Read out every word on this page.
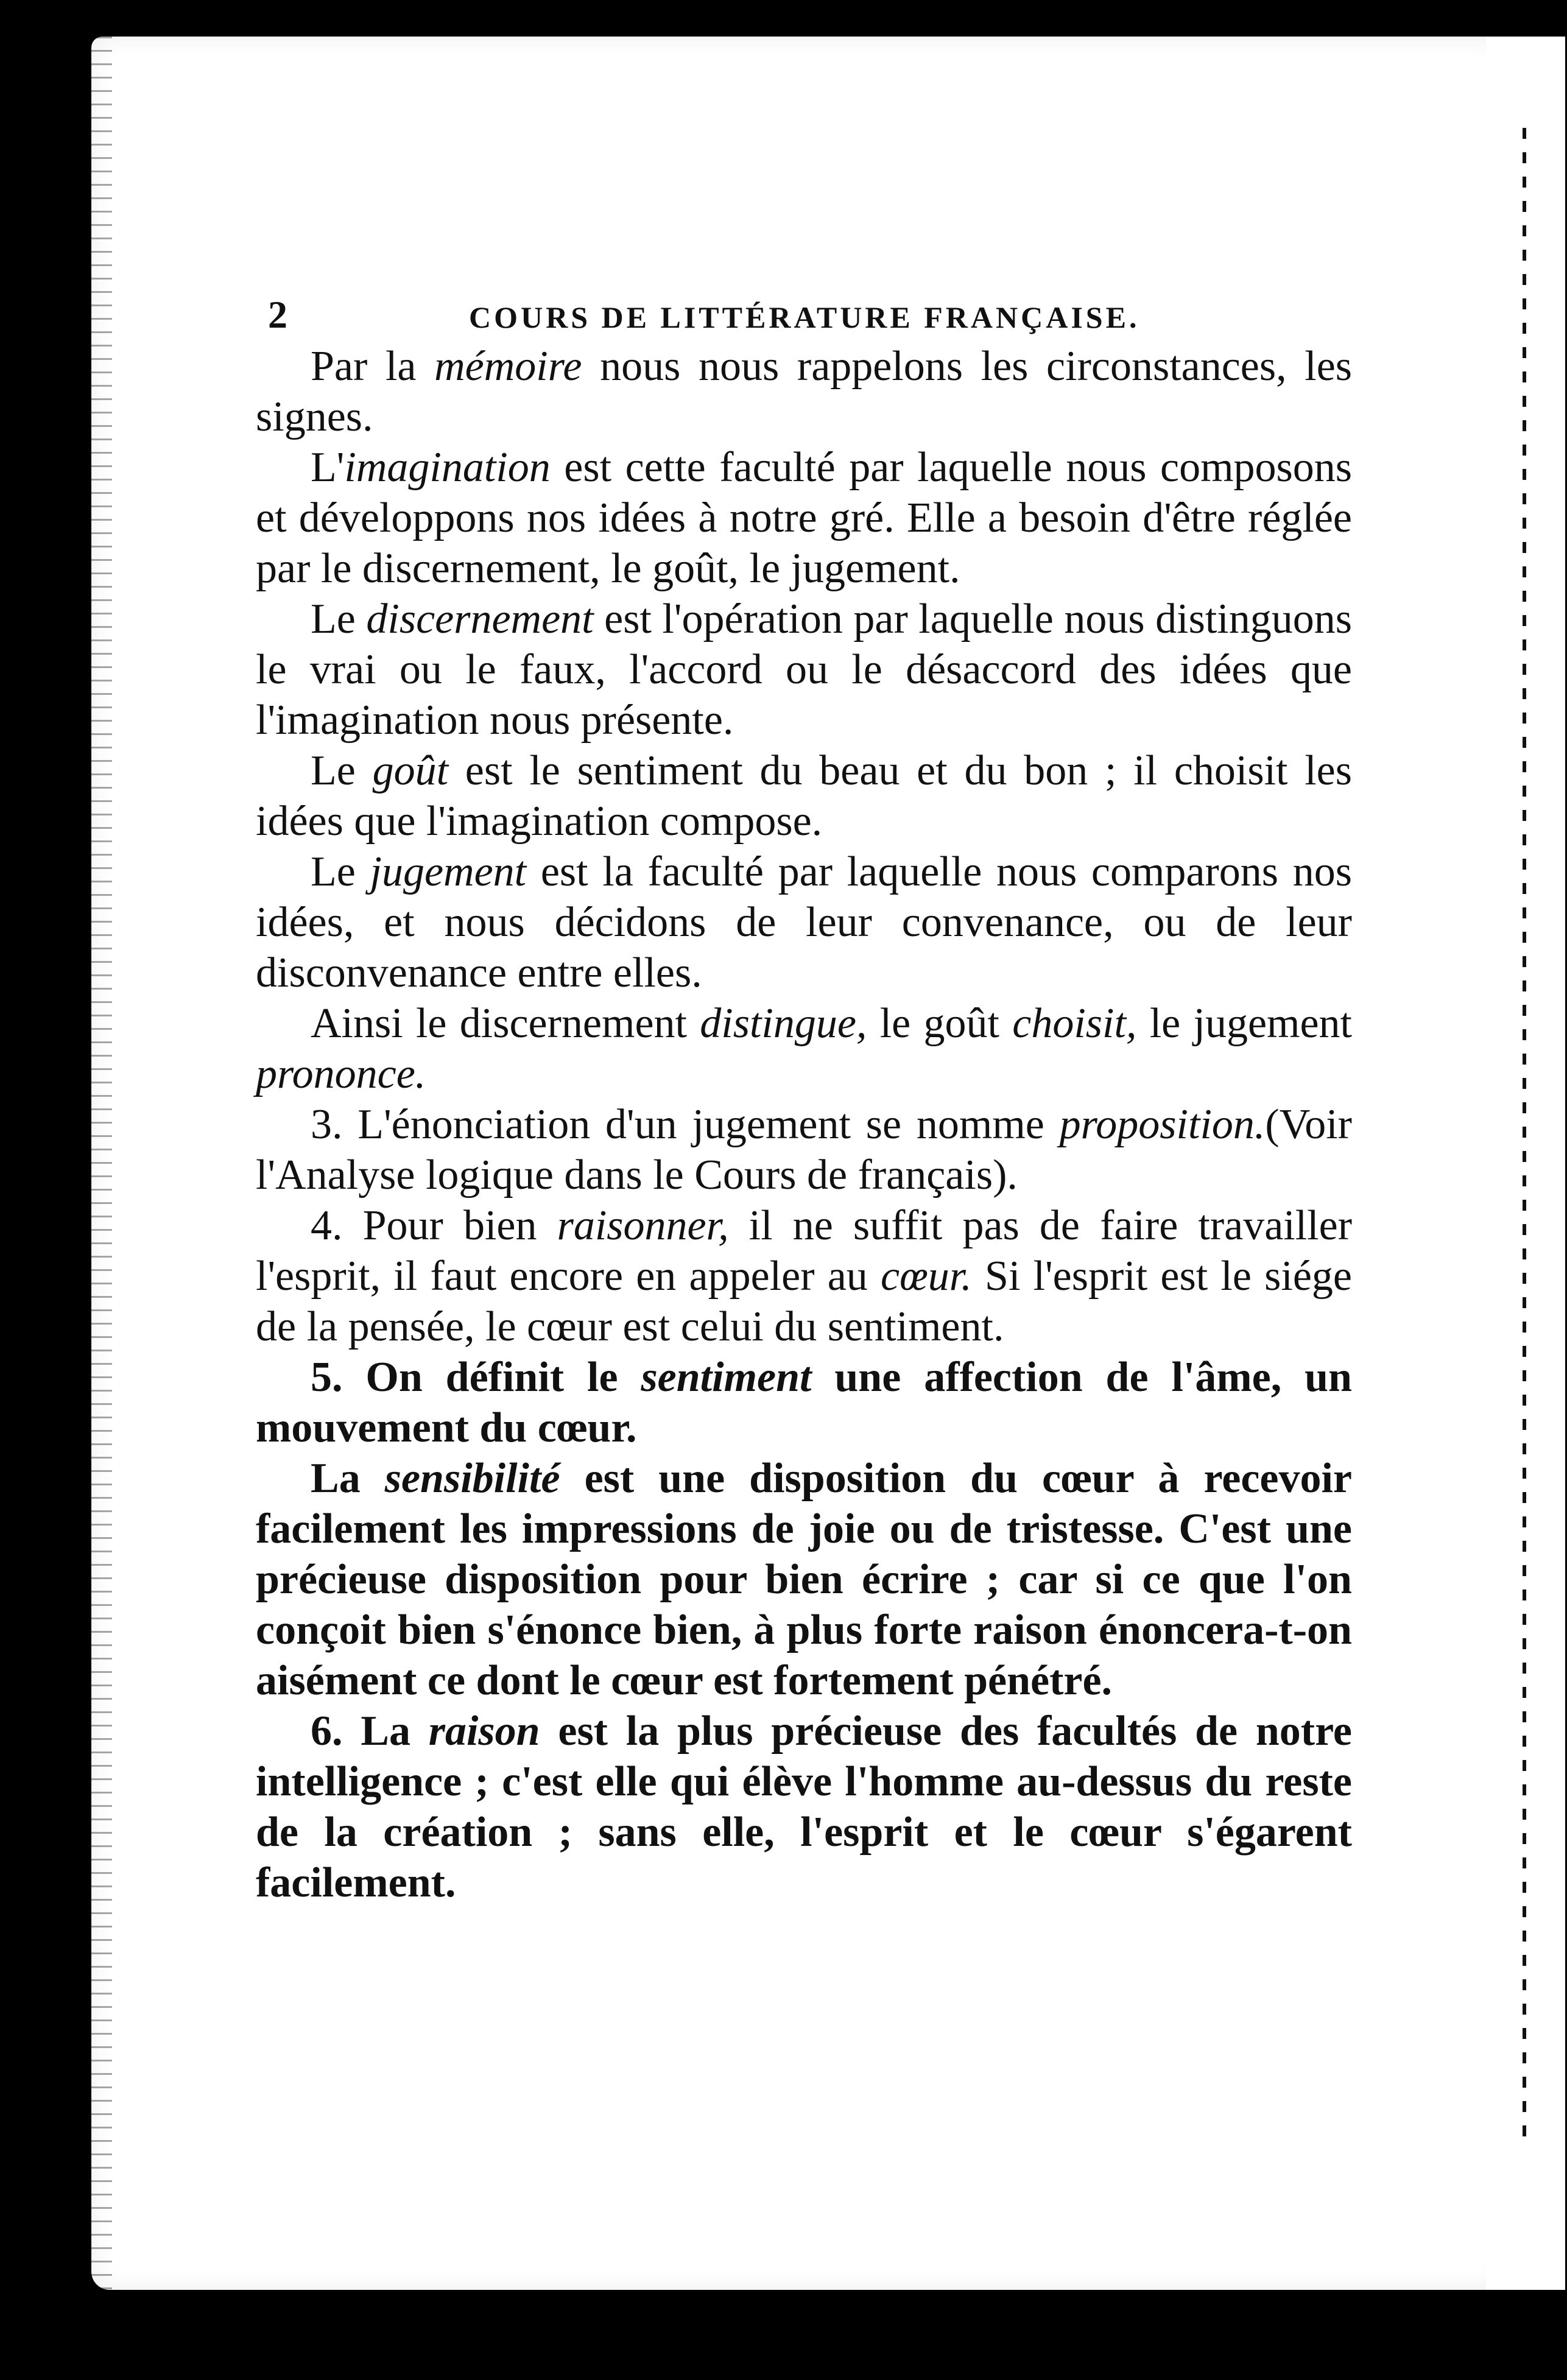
2	COURS DE LITTÉRATURE FRANÇAISE.

Par la mémoire nous nous rappelons les circonstances, les signes.

L'imagination est cette faculté par laquelle nous composons et développons nos idées à notre gré. Elle a besoin d'être réglée par le discernement, le goût, le jugement.

Le discernement est l'opération par laquelle nous distinguons le vrai ou le faux, l'accord ou le désaccord des idées que l'imagination nous présente.

Le goût est le sentiment du beau et du bon ; il choisit les idées que l'imagination compose.

Le jugement est la faculté par laquelle nous comparons nos idées, et nous décidons de leur convenance, ou de leur disconvenance entre elles.

Ainsi le discernement distingue, le goût choisit, le jugement prononce.

3. L'énonciation d'un jugement se nomme proposition.(Voir l'Analyse logique dans le Cours de français).

4. Pour bien raisonner, il ne suffit pas de faire travailler l'esprit, il faut encore en appeler au cœur. Si l'esprit est le siége de la pensée, le cœur est celui du sentiment.

5. On définit le sentiment une affection de l'âme, un mouvement du cœur.

La sensibilité est une disposition du cœur à recevoir facilement les impressions de joie ou de tristesse. C'est une précieuse disposition pour bien écrire ; car si ce que l'on conçoit bien s'énonce bien, à plus forte raison énoncera-t-on aisément ce dont le cœur est fortement pénétré.

6. La raison est la plus précieuse des facultés de notre intelligence ; c'est elle qui élève l'homme au-dessus du reste de la création ; sans elle, l'esprit et le cœur s'égarent facilement.
